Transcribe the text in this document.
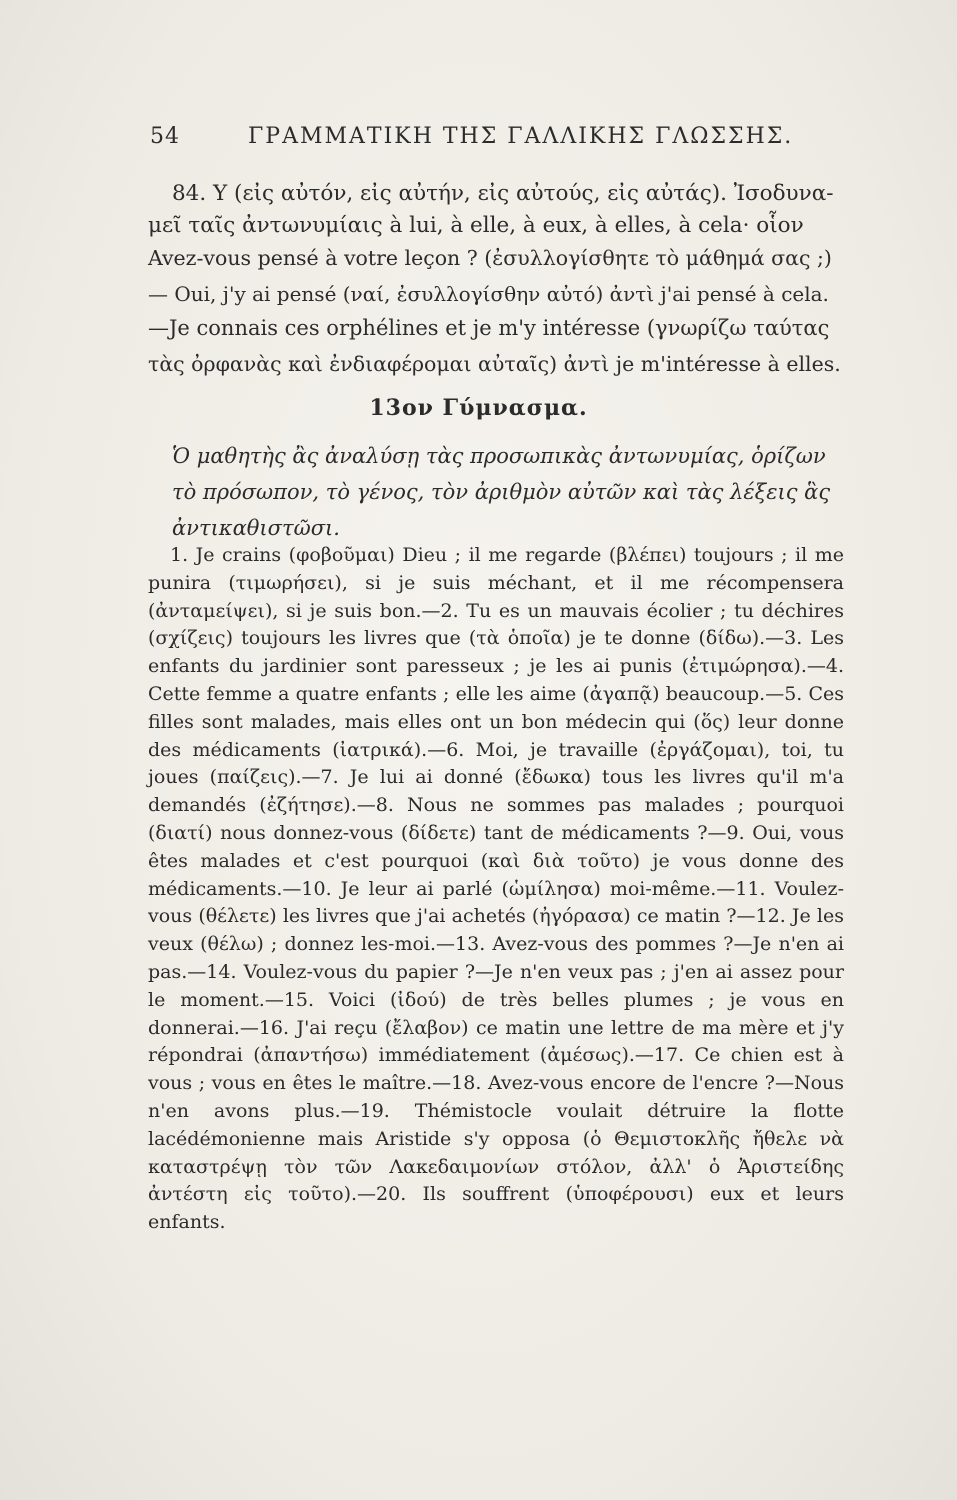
54	ΓΡΑΜΜΑΤΙΚΗ ΤΗΣ ΓΑΛΛΙΚΗΣ ΓΛΩΣΣΗΣ.
84. Y (εἰς αὐτόν, εἰς αὐτήν, εἰς αὐτούς, εἰς αὐτάς). Ἰσοδυνα-
μεῖ ταῖς ἀντωνυμίαις à lui, à elle, à eux, à elles, à cela· οἷον
Avez-vous pensé à votre leçon ? (ἐσυλλογίσθητε τὸ μάθημά σας ;)
— Oui, j'y ai pensé (ναί, ἐσυλλογίσθην αὐτό) ἀντὶ j'ai pensé à cela.
—Je connais ces orphélines et je m'y intéresse (γνωρίζω ταύτας
τὰς ὀρφανὰς καὶ ἐνδιαφέρομαι αὐταῖς) ἀντὶ je m'intéresse à elles.
13ον Γύμνασμα.
Ὁ μαθητὴς ἂς ἀναλύσῃ τὰς προσωπικὰς ἀντωνυμίας, ὁρίζων τὸ πρόσωπον, τὸ γένος, τὸν ἀριθμὸν αὐτῶν καὶ τὰς λέξεις ἃς ἀντικαθιστῶσι.

1. Je crains (φοβοῦμαι) Dieu ; il me regarde (βλέπει) toujours ; il me punira (τιμωρήσει), si je suis méchant, et il me récompensera (ἀνταμείψει), si je suis bon.—2. Tu es un mauvais écolier ; tu déchires (σχίζεις) toujours les livres que (τὰ ὁποῖα) je te donne (δίδω).—3. Les enfants du jardinier sont paresseux ; je les ai punis (ἐτιμώρησα).—4. Cette femme a quatre enfants ; elle les aime (ἀγαπᾷ) beaucoup.—5. Ces filles sont malades, mais elles ont un bon médecin qui (ὅς) leur donne des médicaments (ἰατρικά).—6. Moi, je travaille (ἐργάζομαι), toi, tu joues (παίζεις).—7. Je lui ai donné (ἔδωκα) tous les livres qu'il m'a demandés (ἐζήτησε).—8. Nous ne sommes pas malades ; pourquoi (διατί) nous donnez-vous (δίδετε) tant de médicaments ?—9. Oui, vous êtes malades et c'est pourquoi (καὶ διὰ τοῦτο) je vous donne des médicaments.—10. Je leur ai parlé (ὡμίλησα) moi-même.—11. Voulez-vous (θέλετε) les livres que j'ai achetés (ἠγόρασα) ce matin ?—12. Je les veux (θέλω) ; donnez les-moi.—13. Avez-vous des pommes ?—Je n'en ai pas.—14. Voulez-vous du papier ?—Je n'en veux pas ; j'en ai assez pour le moment.—15. Voici (ἰδού) de très belles plumes ; je vous en donnerai.—16. J'ai reçu (ἔλαβον) ce matin une lettre de ma mère et j'y répondrai (ἀπαντήσω) immédiatement (ἀμέσως).—17. Ce chien est à vous ; vous en êtes le maître.—18. Avez-vous encore de l'encre ?—Nous n'en avons plus.—19. Thémistocle voulait détruire la flotte lacédémonienne mais Aristide s'y opposa (ὁ Θεμιστοκλῆς ἤθελε νὰ καταστρέψῃ τὸν τῶν Λακεδαιμονίων στόλον, ἀλλ' ὁ Ἀριστείδης ἀντέστη εἰς τοῦτο).—20. Ils souffrent (ὑποφέρουσι) eux et leurs enfants.
